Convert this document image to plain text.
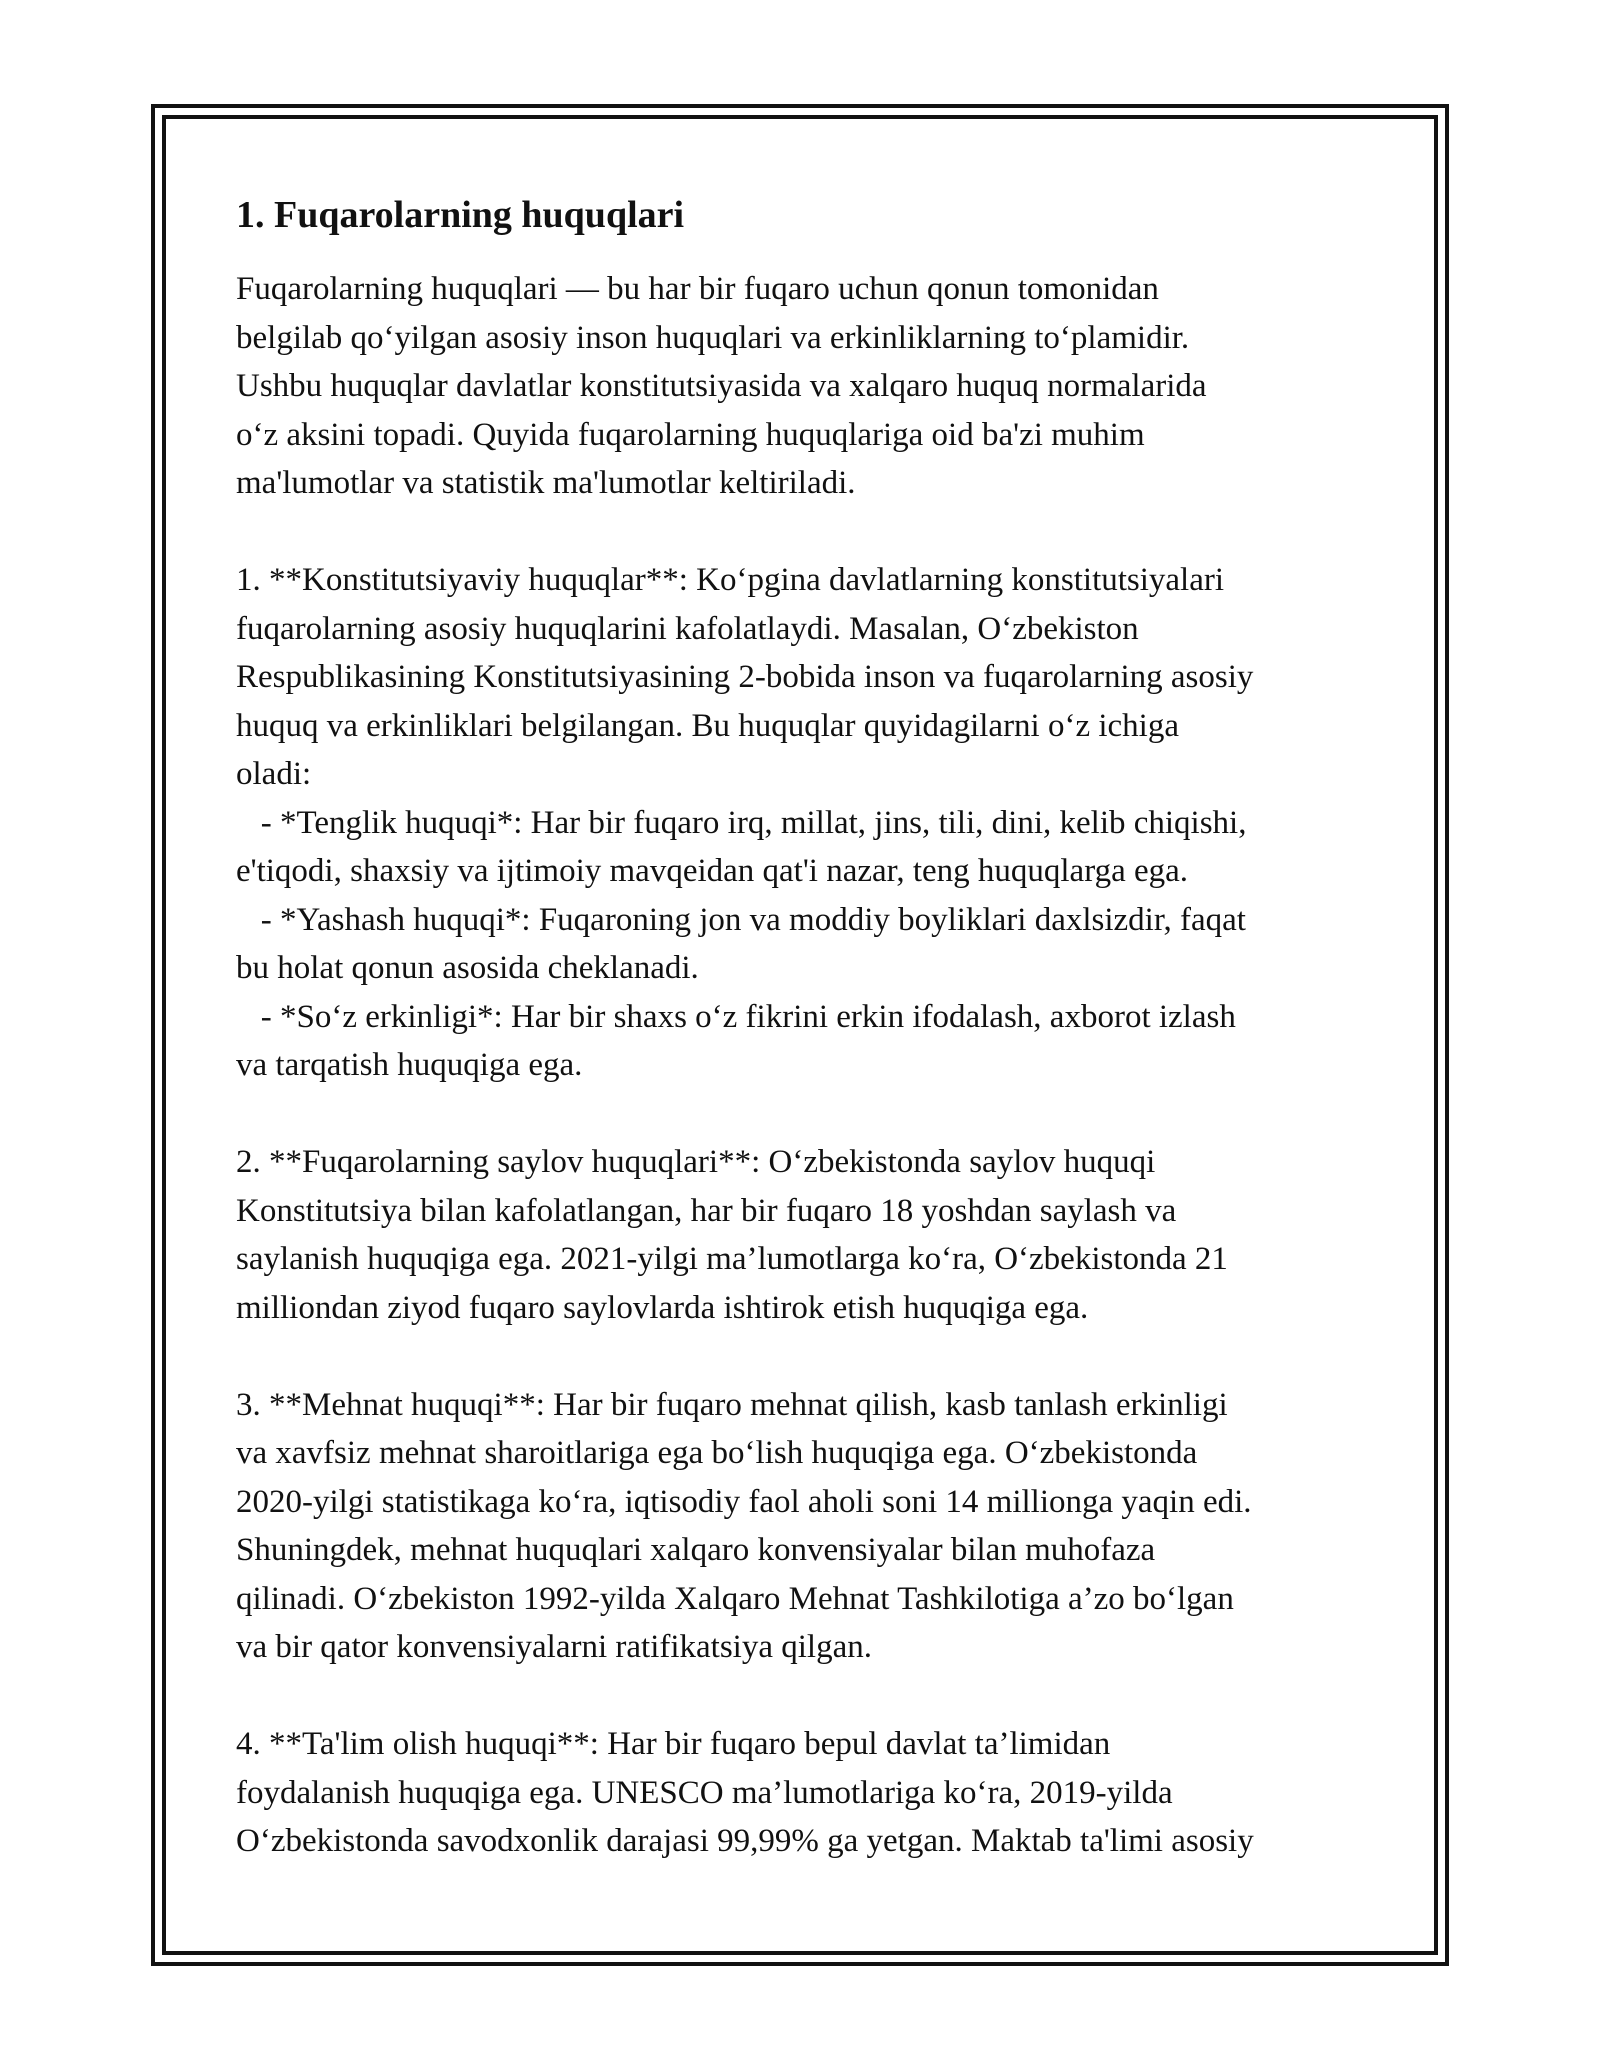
1. Fuqarolarning huquqlari
Fuqarolarning huquqlari — bu har bir fuqaro uchun qonun tomonidan
belgilab qo‘yilgan asosiy inson huquqlari va erkinliklarning to‘plamidir.
Ushbu huquqlar davlatlar konstitutsiyasida va xalqaro huquq normalarida
o‘z aksini topadi. Quyida fuqarolarning huquqlariga oid ba'zi muhim
ma'lumotlar va statistik ma'lumotlar keltiriladi.
1. **Konstitutsiyaviy huquqlar**: Ko‘pgina davlatlarning konstitutsiyalari
fuqarolarning asosiy huquqlarini kafolatlaydi. Masalan, O‘zbekiston
Respublikasining Konstitutsiyasining 2-bobida inson va fuqarolarning asosiy
huquq va erkinliklari belgilangan. Bu huquqlar quyidagilarni o‘z ichiga
oladi:
- *Tenglik huquqi*: Har bir fuqaro irq, millat, jins, tili, dini, kelib chiqishi,
e'tiqodi, shaxsiy va ijtimoiy mavqeidan qat'i nazar, teng huquqlarga ega.
- *Yashash huquqi*: Fuqaroning jon va moddiy boyliklari daxlsizdir, faqat
bu holat qonun asosida cheklanadi.
- *So‘z erkinligi*: Har bir shaxs o‘z fikrini erkin ifodalash, axborot izlash
va tarqatish huquqiga ega.
2. **Fuqarolarning saylov huquqlari**: O‘zbekistonda saylov huquqi
Konstitutsiya bilan kafolatlangan, har bir fuqaro 18 yoshdan saylash va
saylanish huquqiga ega. 2021-yilgi ma’lumotlarga ko‘ra, O‘zbekistonda 21
milliondan ziyod fuqaro saylovlarda ishtirok etish huquqiga ega.
3. **Mehnat huquqi**: Har bir fuqaro mehnat qilish, kasb tanlash erkinligi
va xavfsiz mehnat sharoitlariga ega bo‘lish huquqiga ega. O‘zbekistonda
2020-yilgi statistikaga ko‘ra, iqtisodiy faol aholi soni 14 millionga yaqin edi.
Shuningdek, mehnat huquqlari xalqaro konvensiyalar bilan muhofaza
qilinadi. O‘zbekiston 1992-yilda Xalqaro Mehnat Tashkilotiga a’zo bo‘lgan
va bir qator konvensiyalarni ratifikatsiya qilgan.
4. **Ta'lim olish huquqi**: Har bir fuqaro bepul davlat ta’limidan
foydalanish huquqiga ega. UNESCO ma’lumotlariga ko‘ra, 2019-yilda
O‘zbekistonda savodxonlik darajasi 99,99% ga yetgan. Maktab ta'limi asosiy
